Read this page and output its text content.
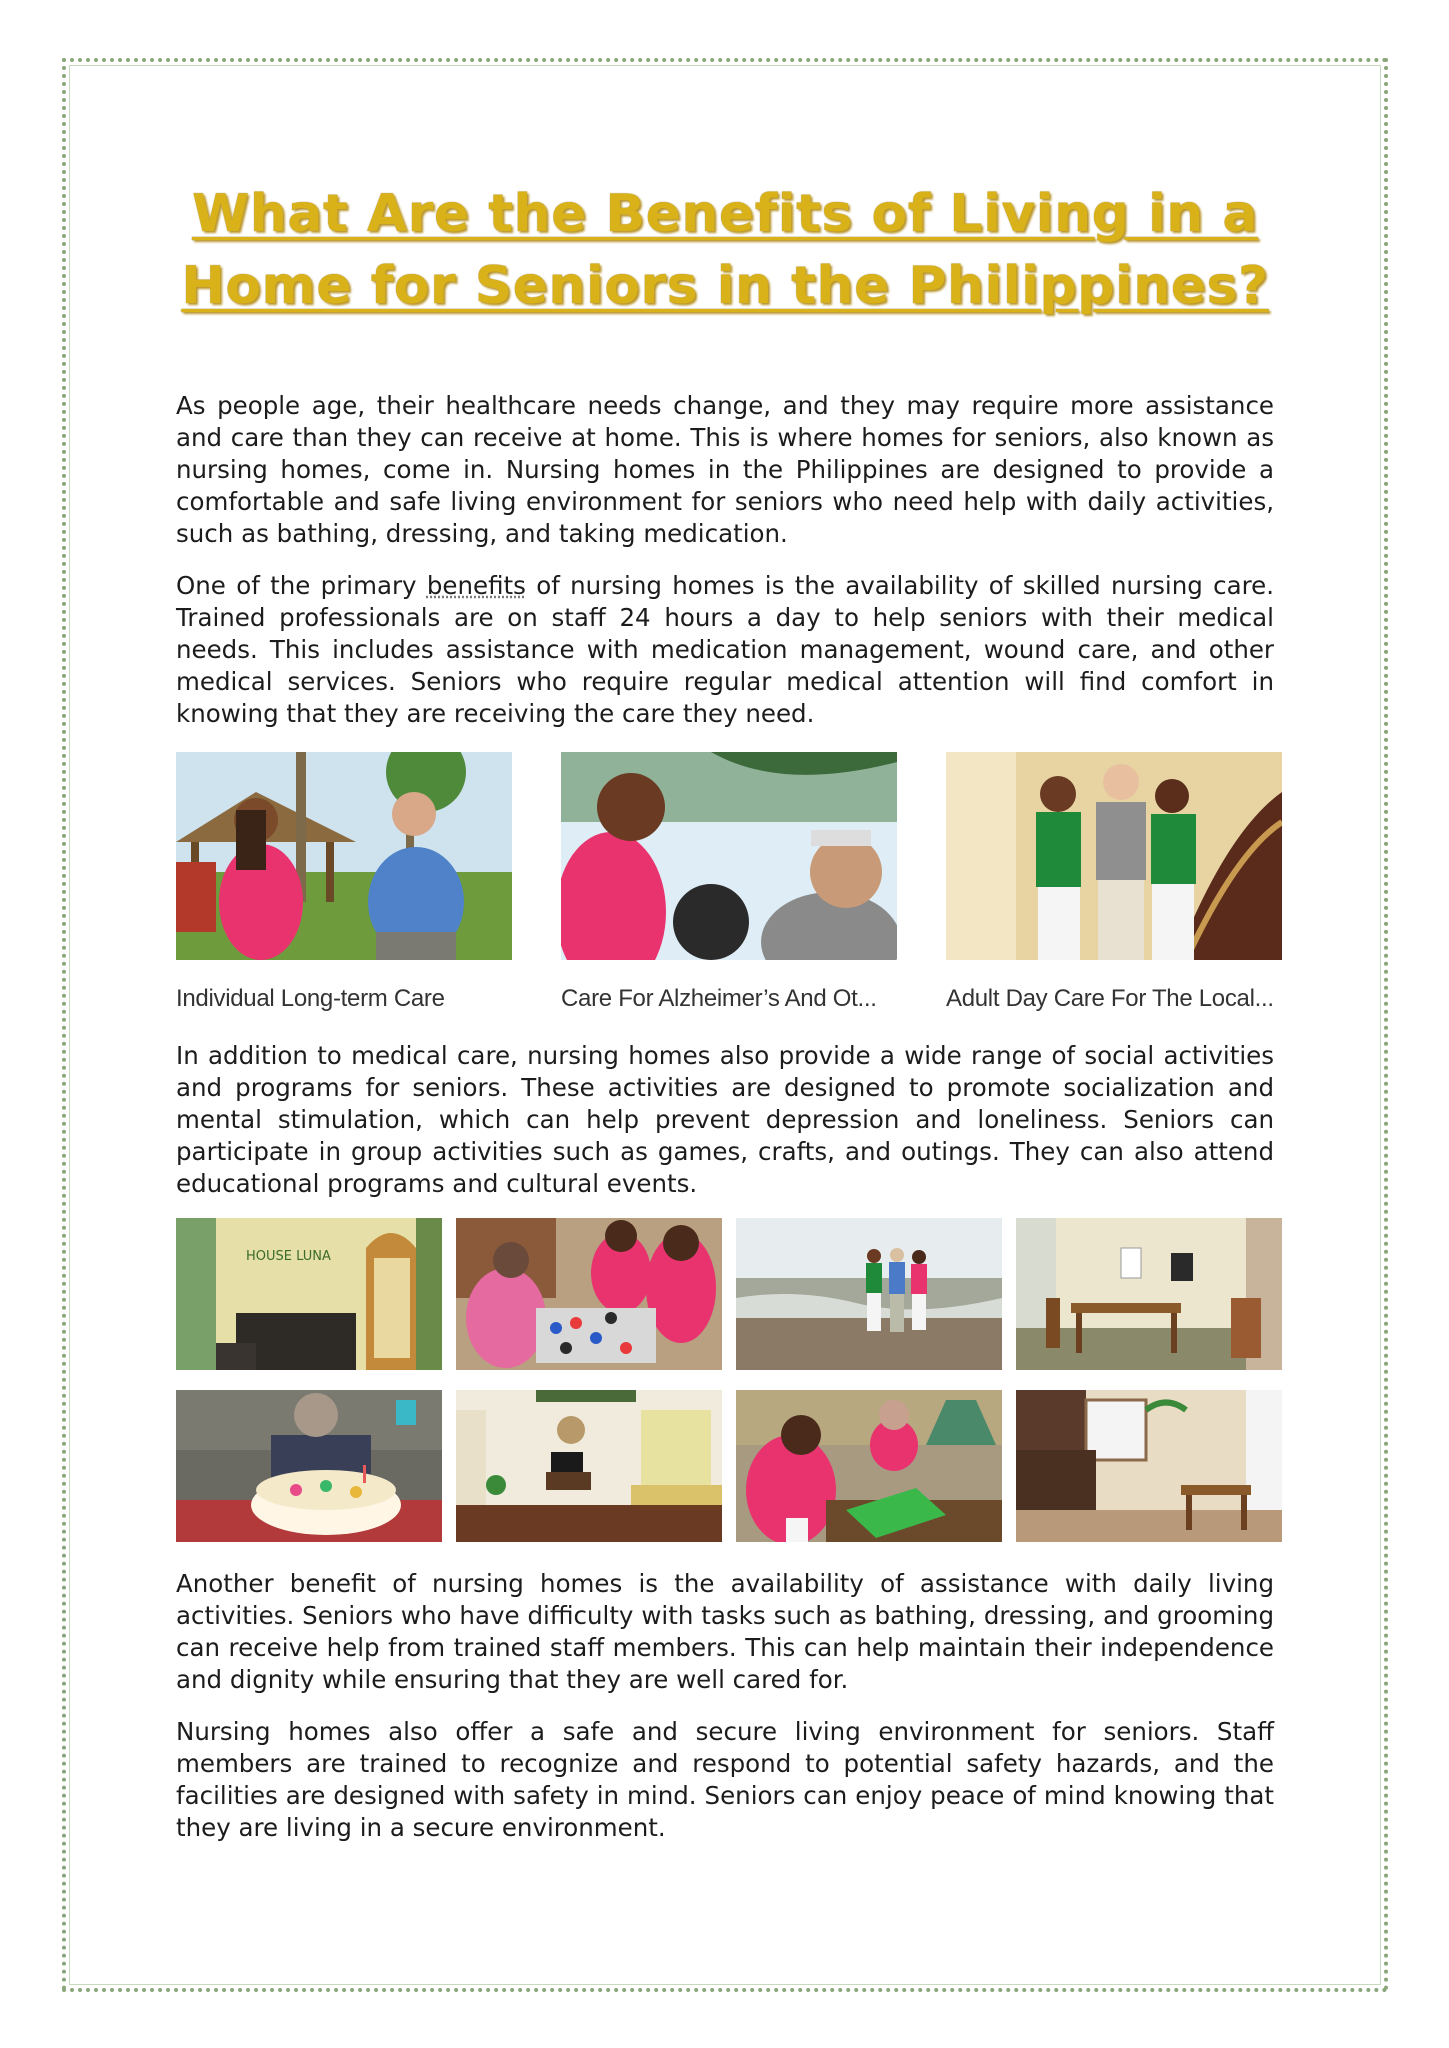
What Are the Benefits of Living in a Home for Seniors in the Philippines?

As people age, their healthcare needs change, and they may require more assistance and care than they can receive at home. This is where homes for seniors, also known as nursing homes, come in. Nursing homes in the Philippines are designed to provide a comfortable and safe living environment for seniors who need help with daily activities, such as bathing, dressing, and taking medication.

One of the primary benefits of nursing homes is the availability of skilled nursing care. Trained professionals are on staff 24 hours a day to help seniors with their medical needs. This includes assistance with medication management, wound care, and other medical services. Seniors who require regular medical attention will find comfort in knowing that they are receiving the care they need.

Individual Long-term Care	Care For Alzheimer’s And Ot...	Adult Day Care For The Local...

In addition to medical care, nursing homes also provide a wide range of social activities and programs for seniors. These activities are designed to promote socialization and mental stimulation, which can help prevent depression and loneliness. Seniors can participate in group activities such as games, crafts, and outings. They can also attend educational programs and cultural events.

HOUSE LUNA

Another benefit of nursing homes is the availability of assistance with daily living activities. Seniors who have difficulty with tasks such as bathing, dressing, and grooming can receive help from trained staff members. This can help maintain their independence and dignity while ensuring that they are well cared for.

Nursing homes also offer a safe and secure living environment for seniors. Staff members are trained to recognize and respond to potential safety hazards, and the facilities are designed with safety in mind. Seniors can enjoy peace of mind knowing that they are living in a secure environment.
